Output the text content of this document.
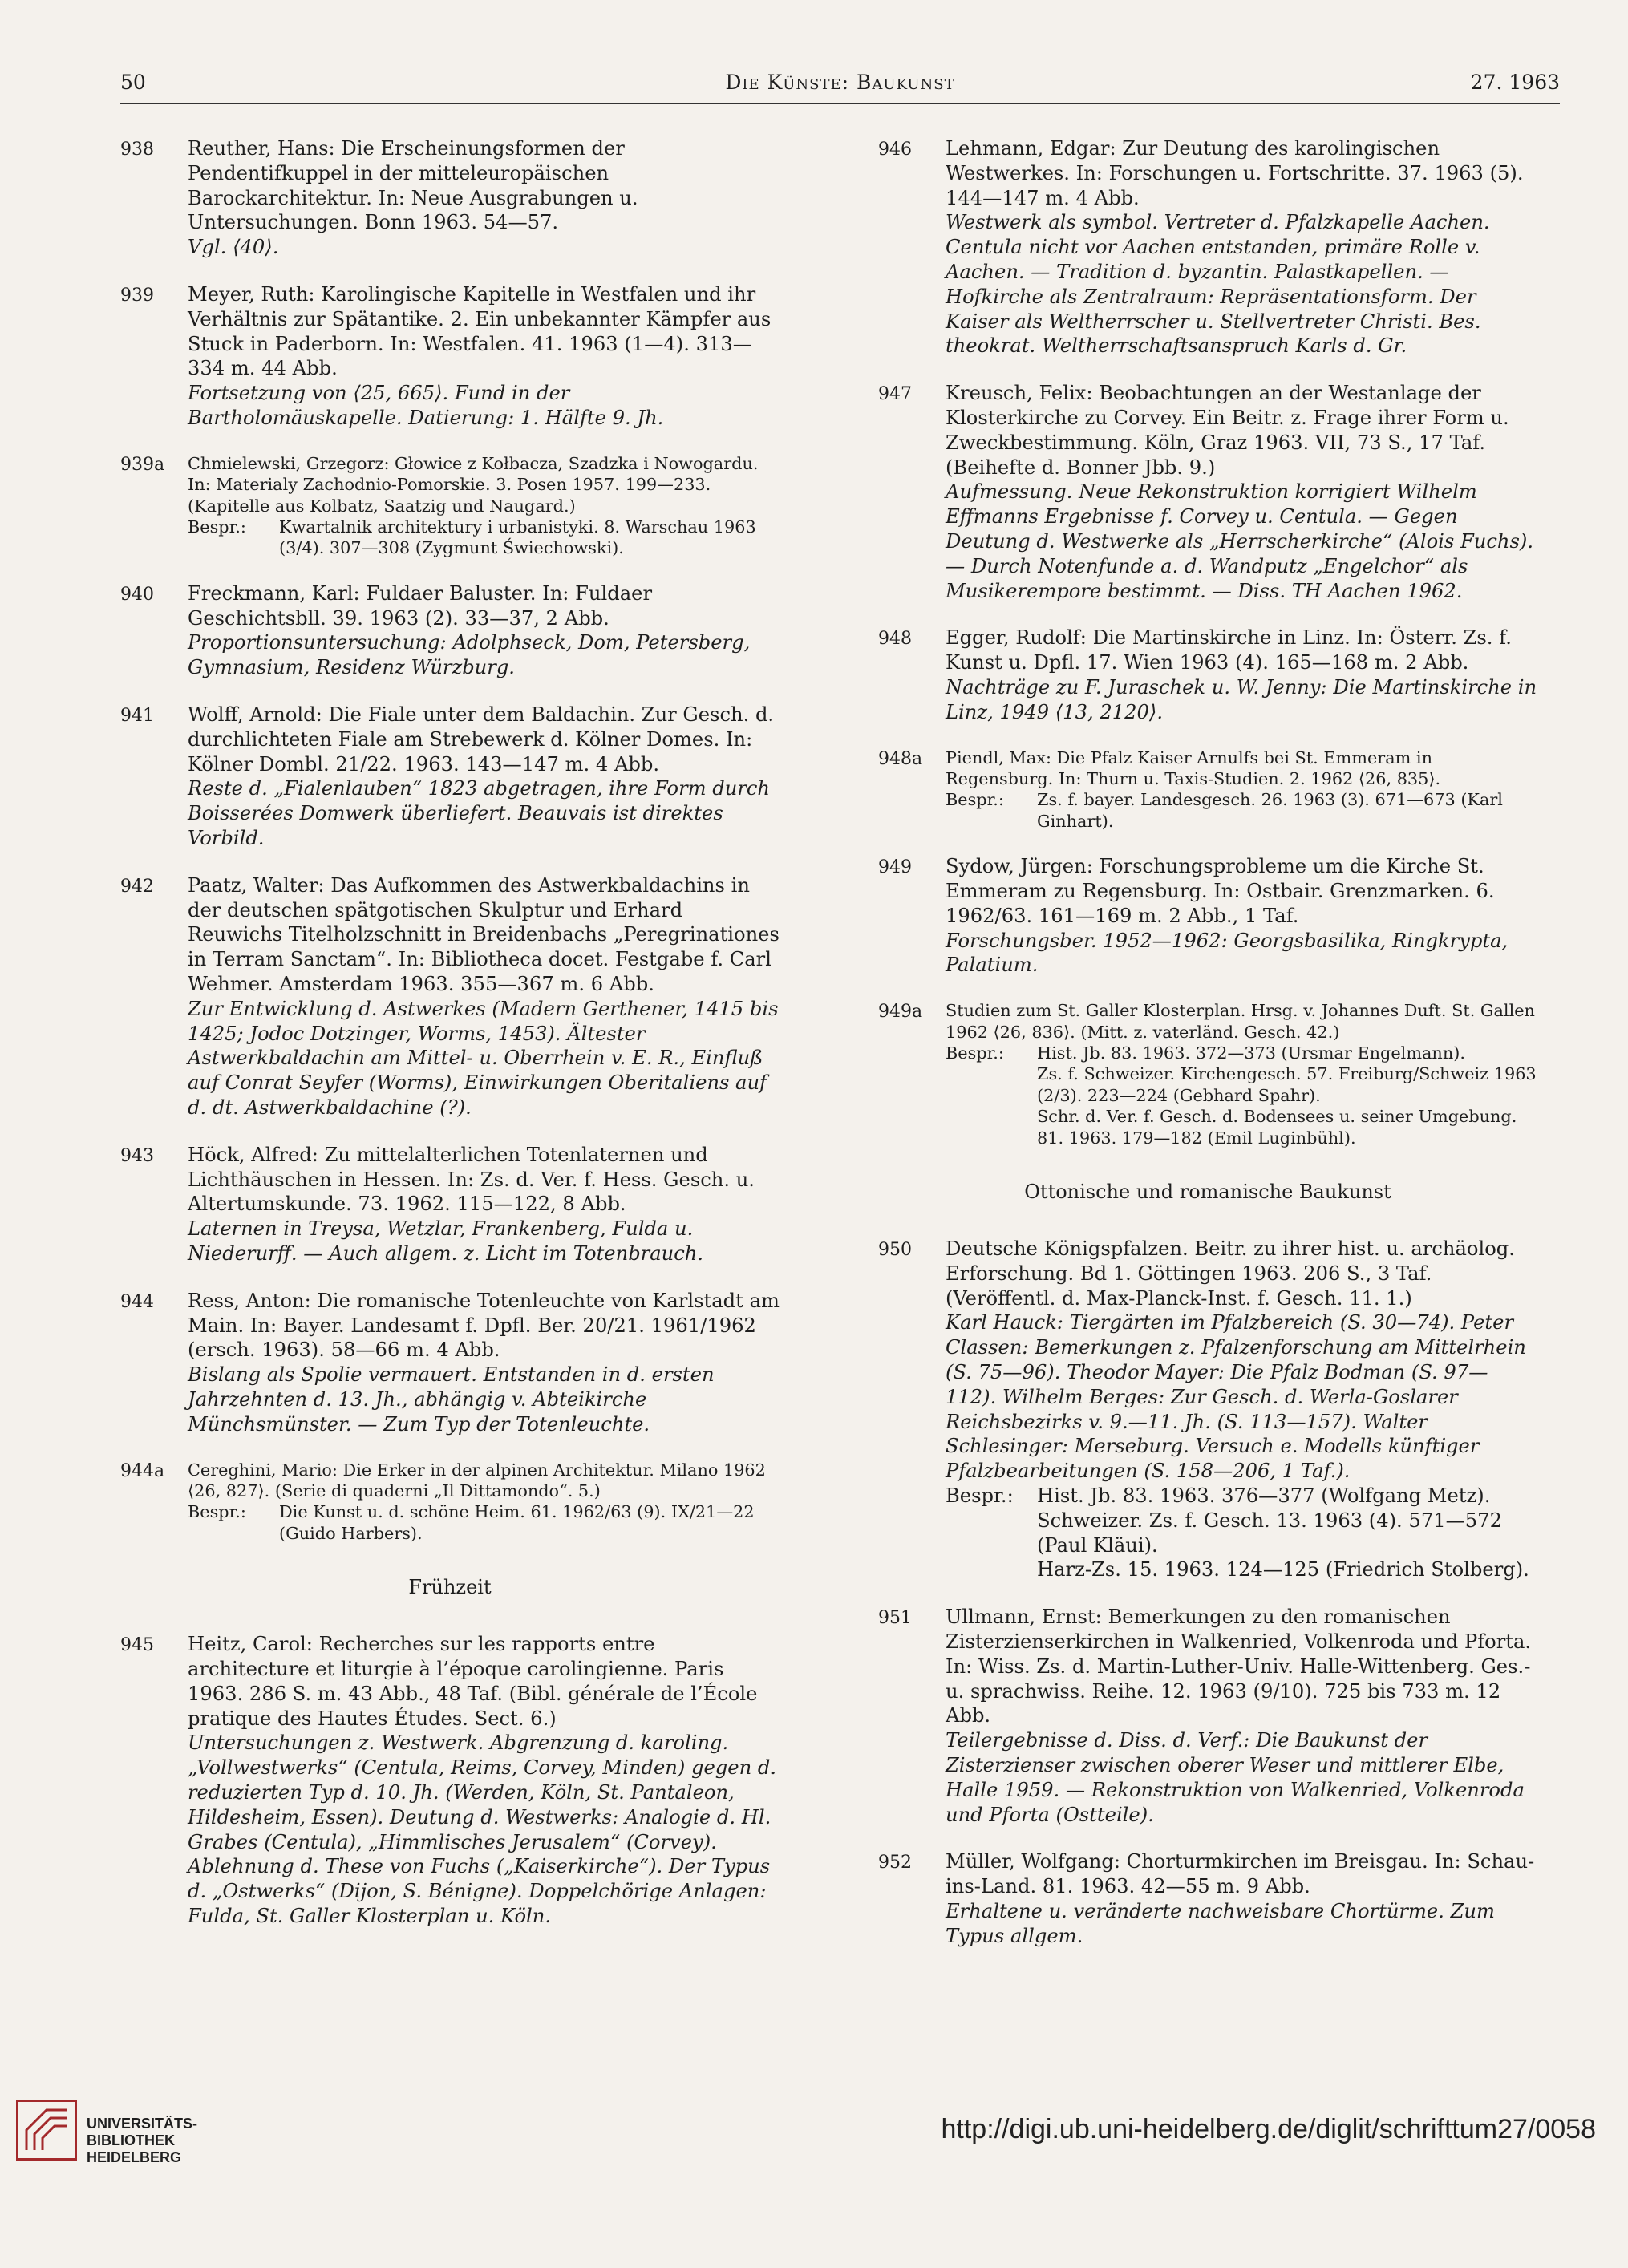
50	Die Künste: Baukunst	27. 1963
938 Reuther, Hans: Die Erscheinungsformen der Pendentifkuppel in der mitteleuropäischen Barockarchitektur. In: Neue Ausgrabungen u. Untersuchungen. Bonn 1963. 54—57.
Vgl. ⟨40⟩.
939 Meyer, Ruth: Karolingische Kapitelle in Westfalen und ihr Verhältnis zur Spätantike. 2. Ein unbekannter Kämpfer aus Stuck in Paderborn. In: Westfalen. 41. 1963 (1—4). 313—334 m. 44 Abb.
Fortsetzung von ⟨25, 665⟩. Fund in der Bartholomäuskapelle. Datierung: 1. Hälfte 9. Jh.
939a Chmielewski, Grzegorz: Głowice z Kołbacza, Szadzka i Nowogardu. In: Materialy Zachodnio-Pomorskie. 3. Posen 1957. 199—233. (Kapitelle aus Kolbatz, Saatzig und Naugard.)
Bespr.: Kwartalnik architektury i urbanistyki. 8. Warschau 1963 (3/4). 307—308 (Zygmunt Świechowski).
940 Freckmann, Karl: Fuldaer Baluster. In: Fuldaer Geschichtsbll. 39. 1963 (2). 33—37, 2 Abb.
Proportionsuntersuchung: Adolphseck, Dom, Petersberg, Gymnasium, Residenz Würzburg.
941 Wolff, Arnold: Die Fiale unter dem Baldachin. Zur Gesch. d. durchlichteten Fiale am Strebewerk d. Kölner Domes. In: Kölner Dombl. 21/22. 1963. 143—147 m. 4 Abb.
Reste d. „Fialenlauben“ 1823 abgetragen, ihre Form durch Boisserées Domwerk überliefert. Beauvais ist direktes Vorbild.
942 Paatz, Walter: Das Aufkommen des Astwerkbaldachins in der deutschen spätgotischen Skulptur und Erhard Reuwichs Titelholzschnitt in Breidenbachs „Peregrinationes in Terram Sanctam“. In: Bibliotheca docet. Festgabe f. Carl Wehmer. Amsterdam 1963. 355—367 m. 6 Abb.
Zur Entwicklung d. Astwerkes (Madern Gerthener, 1415 bis 1425; Jodoc Dotzinger, Worms, 1453). Ältester Astwerkbaldachin am Mittel- u. Oberrhein v. E. R., Einfluß auf Conrat Seyfer (Worms), Einwirkungen Oberitaliens auf d. dt. Astwerkbaldachine (?).
943 Höck, Alfred: Zu mittelalterlichen Totenlaternen und Lichthäuschen in Hessen. In: Zs. d. Ver. f. Hess. Gesch. u. Altertumskunde. 73. 1962. 115—122, 8 Abb.
Laternen in Treysa, Wetzlar, Frankenberg, Fulda u. Niederurff. — Auch allgem. z. Licht im Totenbrauch.
944 Ress, Anton: Die romanische Totenleuchte von Karlstadt am Main. In: Bayer. Landesamt f. Dpfl. Ber. 20/21. 1961/1962 (ersch. 1963). 58—66 m. 4 Abb.
Bislang als Spolie vermauert. Entstanden in d. ersten Jahrzehnten d. 13. Jh., abhängig v. Abteikirche Münchsmünster. — Zum Typ der Totenleuchte.
944a Cereghini, Mario: Die Erker in der alpinen Architektur. Milano 1962 ⟨26, 827⟩. (Serie di quaderni „Il Dittamondo“. 5.)
Bespr.: Die Kunst u. d. schöne Heim. 61. 1962/63 (9). IX/21—22 (Guido Harbers).
Frühzeit
945 Heitz, Carol: Recherches sur les rapports entre architecture et liturgie à l’époque carolingienne. Paris 1963. 286 S. m. 43 Abb., 48 Taf. (Bibl. générale de l’École pratique des Hautes Études. Sect. 6.)
Untersuchungen z. Westwerk. Abgrenzung d. karoling. „Vollwestwerks“ (Centula, Reims, Corvey, Minden) gegen d. reduzierten Typ d. 10. Jh. (Werden, Köln, St. Pantaleon, Hildesheim, Essen). Deutung d. Westwerks: Analogie d. Hl. Grabes (Centula), „Himmlisches Jerusalem“ (Corvey). Ablehnung d. These von Fuchs („Kaiserkirche“). Der Typus d. „Ostwerks“ (Dijon, S. Bénigne). Doppelchörige Anlagen: Fulda, St. Galler Klosterplan u. Köln.
946 Lehmann, Edgar: Zur Deutung des karolingischen Westwerkes. In: Forschungen u. Fortschritte. 37. 1963 (5). 144—147 m. 4 Abb.
Westwerk als symbol. Vertreter d. Pfalzkapelle Aachen. Centula nicht vor Aachen entstanden, primäre Rolle v. Aachen. — Tradition d. byzantin. Palastkapellen. — Hofkirche als Zentralraum: Repräsentationsform. Der Kaiser als Weltherrscher u. Stellvertreter Christi. Bes. theokrat. Weltherrschaftsanspruch Karls d. Gr.
947 Kreusch, Felix: Beobachtungen an der Westanlage der Klosterkirche zu Corvey. Ein Beitr. z. Frage ihrer Form u. Zweckbestimmung. Köln, Graz 1963. VII, 73 S., 17 Taf. (Beihefte d. Bonner Jbb. 9.)
Aufmessung. Neue Rekonstruktion korrigiert Wilhelm Effmanns Ergebnisse f. Corvey u. Centula. — Gegen Deutung d. Westwerke als „Herrscherkirche“ (Alois Fuchs). — Durch Notenfunde a. d. Wandputz „Engelchor“ als Musikerempore bestimmt. — Diss. TH Aachen 1962.
948 Egger, Rudolf: Die Martinskirche in Linz. In: Österr. Zs. f. Kunst u. Dpfl. 17. Wien 1963 (4). 165—168 m. 2 Abb.
Nachträge zu F. Juraschek u. W. Jenny: Die Martinskirche in Linz, 1949 ⟨13, 2120⟩.
948a Piendl, Max: Die Pfalz Kaiser Arnulfs bei St. Emmeram in Regensburg. In: Thurn u. Taxis-Studien. 2. 1962 ⟨26, 835⟩.
Bespr.: Zs. f. bayer. Landesgesch. 26. 1963 (3). 671—673 (Karl Ginhart).
949 Sydow, Jürgen: Forschungsprobleme um die Kirche St. Emmeram zu Regensburg. In: Ostbair. Grenzmarken. 6. 1962/63. 161—169 m. 2 Abb., 1 Taf.
Forschungsber. 1952—1962: Georgsbasilika, Ringkrypta, Palatium.
949a Studien zum St. Galler Klosterplan. Hrsg. v. Johannes Duft. St. Gallen 1962 ⟨26, 836⟩. (Mitt. z. vaterländ. Gesch. 42.)
Bespr.: Hist. Jb. 83. 1963. 372—373 (Ursmar Engelmann).
Zs. f. Schweizer. Kirchengesch. 57. Freiburg/Schweiz 1963 (2/3). 223—224 (Gebhard Spahr).
Schr. d. Ver. f. Gesch. d. Bodensees u. seiner Umgebung. 81. 1963. 179—182 (Emil Luginbühl).
Ottonische und romanische Baukunst
950 Deutsche Königspfalzen. Beitr. zu ihrer hist. u. archäolog. Erforschung. Bd 1. Göttingen 1963. 206 S., 3 Taf. (Veröffentl. d. Max-Planck-Inst. f. Gesch. 11. 1.)
Karl Hauck: Tiergärten im Pfalzbereich (S. 30—74). Peter Classen: Bemerkungen z. Pfalzenforschung am Mittelrhein (S. 75—96). Theodor Mayer: Die Pfalz Bodman (S. 97—112). Wilhelm Berges: Zur Gesch. d. Werla-Goslarer Reichsbezirks v. 9.—11. Jh. (S. 113—157). Walter Schlesinger: Merseburg. Versuch e. Modells künftiger Pfalzbearbeitungen (S. 158—206, 1 Taf.).
Bespr.: Hist. Jb. 83. 1963. 376—377 (Wolfgang Metz).
Schweizer. Zs. f. Gesch. 13. 1963 (4). 571—572 (Paul Kläui).
Harz-Zs. 15. 1963. 124—125 (Friedrich Stolberg).
951 Ullmann, Ernst: Bemerkungen zu den romanischen Zisterzienserkirchen in Walkenried, Volkenroda und Pforta. In: Wiss. Zs. d. Martin-Luther-Univ. Halle-Wittenberg. Ges.- u. sprachwiss. Reihe. 12. 1963 (9/10). 725 bis 733 m. 12 Abb.
Teilergebnisse d. Diss. d. Verf.: Die Baukunst der Zisterzienser zwischen oberer Weser und mittlerer Elbe, Halle 1959. — Rekonstruktion von Walkenried, Volkenroda und Pforta (Ostteile).
952 Müller, Wolfgang: Chorturmkirchen im Breisgau. In: Schau-ins-Land. 81. 1963. 42—55 m. 9 Abb.
Erhaltene u. veränderte nachweisbare Chortürme. Zum Typus allgem.
UNIVERSITÄTS-
BIBLIOTHEK
HEIDELBERG
http://digi.ub.uni-heidelberg.de/diglit/schrifttum27/0058
